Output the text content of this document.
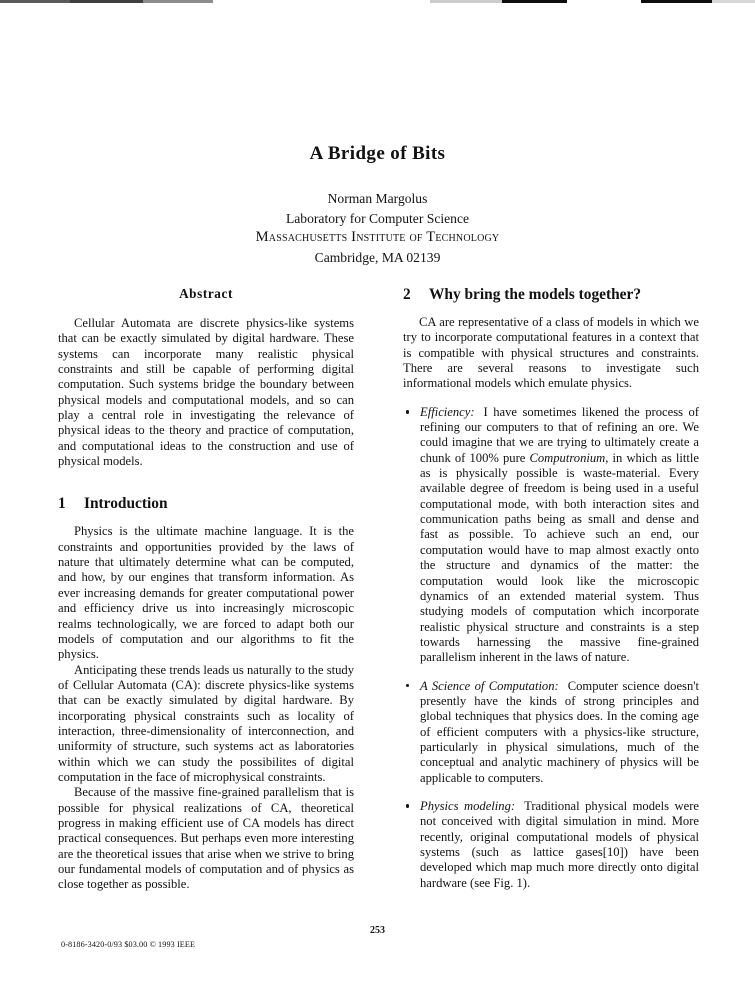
A Bridge of Bits
Norman Margolus
Laboratory for Computer Science
Massachusetts Institute of Technology
Cambridge, MA 02139
Abstract

Cellular Automata are discrete physics-like systems that can be exactly simulated by digital hardware. These systems can incorporate many realistic physical constraints and still be capable of performing digital computation. Such systems bridge the boundary between physical models and computational models, and so can play a central role in investigating the relevance of physical ideas to the theory and practice of computation, and computational ideas to the construction and use of physical models.

1	Introduction

Physics is the ultimate machine language. It is the constraints and opportunities provided by the laws of nature that ultimately determine what can be computed, and how, by our engines that transform information. As ever increasing demands for greater computational power and efficiency drive us into increasingly microscopic realms technologically, we are forced to adapt both our models of computation and our algorithms to fit the physics.

Anticipating these trends leads us naturally to the study of Cellular Automata (CA): discrete physics-like systems that can be exactly simulated by digital hardware. By incorporating physical constraints such as locality of interaction, three-dimensionality of interconnection, and uniformity of structure, such systems act as laboratories within which we can study the possibilites of digital computation in the face of microphysical constraints.

Because of the massive fine-grained parallelism that is possible for physical realizations of CA, theoretical progress in making efficient use of CA models has direct practical consequences. But perhaps even more interesting are the theoretical issues that arise when we strive to bring our fundamental models of computation and of physics as close together as possible.

2	Why bring the models together?

CA are representative of a class of models in which we try to incorporate computational features in a context that is compatible with physical structures and constraints. There are several reasons to investigate such informational models which emulate physics.

Efficiency: I have sometimes likened the process of refining our computers to that of refining an ore. We could imagine that we are trying to ultimately create a chunk of 100% pure Computronium, in which as little as is physically possible is waste-material. Every available degree of freedom is being used in a useful computational mode, with both interaction sites and communication paths being as small and dense and fast as possible. To achieve such an end, our computation would have to map almost exactly onto the structure and dynamics of the matter: the computation would look like the microscopic dynamics of an extended material system. Thus studying models of computation which incorporate realistic physical structure and constraints is a step towards harnessing the massive fine-grained parallelism inherent in the laws of nature.
A Science of Computation: Computer science doesn't presently have the kinds of strong principles and global techniques that physics does. In the coming age of efficient computers with a physics-like structure, particularly in physical simulations, much of the conceptual and analytic machinery of physics will be applicable to computers.
Physics modeling: Traditional physical models were not conceived with digital simulation in mind. More recently, original computational models of physical systems (such as lattice gases[10]) have been developed which map much more directly onto digital hardware (see Fig. 1).
253
0-8186-3420-0/93 $03.00 © 1993 IEEE
